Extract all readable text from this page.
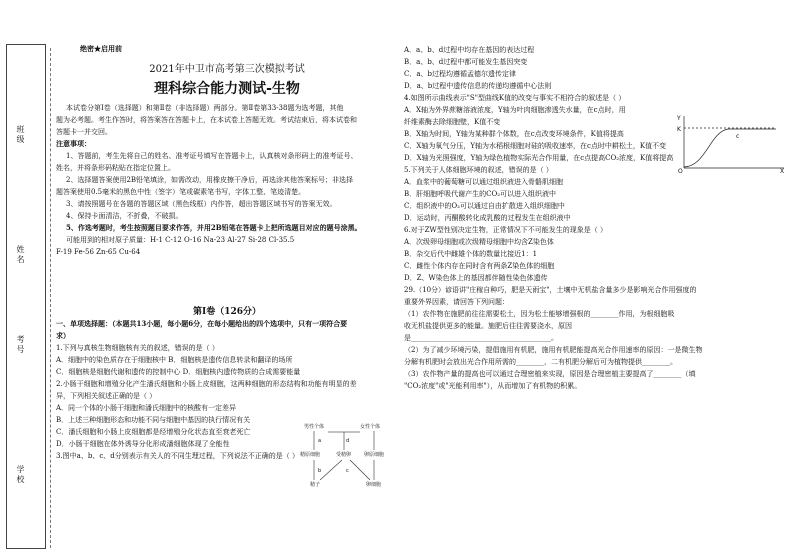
班级
姓名
考号
学校
绝密★启用前
2021年中卫市高考第三次模拟考试
理科综合能力测试-生物

本试卷分第Ⅰ卷（选择题）和第Ⅱ卷（非选择题）两部分。第Ⅱ卷第33-38题为选考题，其他

题为必考题。考生作答时，将答案答在答题卡上，在本试卷上答题无效。考试结束后，将本试卷和

答题卡一并交回。

注意事项：

1、答题前，考生先将自己的姓名、准考证号填写在答题卡上，认真核对条形码上的准考证号、

姓名，并将条形码粘贴在指定位置上。

2、选择题答案使用2B铅笔填涂，如需改动，用橡皮擦干净后，再选涂其他答案标号；非选择

题答案使用0.5毫米的黑色中性（签字）笔或碳素笔书写，字体工整、笔迹清楚。

3、请按照题号在各题的答题区域（黑色线框）内作答，超出答题区域书写的答案无效。

4、保持卡面清洁，不折叠，不破损。

5、作选考题时，考生按照题目要求作答，并用2B铅笔在答题卡上把所选题目对应的题号涂黑。

可能用到的相对原子质量：H-1 C-12 O-16 Na-23 Al-27 Si-28 Cl-35.5

F-19 Fe-56 Zn-65 Cu-64

第Ⅰ卷（126分）

一、单项选择题：（本题共13小题，每小题6分，在每小题给出的四个选项中，只有一项符合要

求）

1.下列与真核生物细胞核有关的叙述，错误的是（ ）

A．细胞中的染色质存在于细胞核中 B．细胞核是遗传信息转录和翻译的场所

C．细胞核是细胞代谢和遗传的控制中心 D．细胞核内遗传物质的合成需要能量

2.小肠干细胞和增殖分化产生潘氏细胞和小肠上皮细胞，这两种细胞的形态结构和功能有明显的差

异，下列相关叙述正确的是（ ）

A．同一个体的小肠干细胞和潘氏细胞中的核酸有一定差异

B．上述三种细胞形态和功能不同与细胞中基因的执行情况有关

C．潘氏细胞和小肠上皮细胞都是经增殖分化状态直至衰老死亡

D．小肠干细胞在体外诱导分化形成潘细胞体现了全能性

3.图中a、b、c、d分别表示有关人的不同生理过程，下列说法不正确的是（ ）

男性个体	女性个体
精原细胞	卵原细胞
受精卵
精子	卵细胞
a
b	c
d

A．a、b、d过程中均存在基因的表达过程

B．a、b、d过程中都可能发生基因突变

C．a、b过程均遵循孟德尔遗传定律

D．a、b过程中遗传信息的传递均遵循中心法则

4.如图所示曲线表示"S"型曲线K值的改变与事实不相符合的叙述是（ ）

A．X轴为外界蔗糖溶液浓度，Y轴为叶肉细胞渗透失水量，在c点时，用

纤维素酶去除细胞壁，K值不变

B．X轴为时间，Y轴为某种群个体数，在c点改变环境条件，K值将提高

C．X轴为氧气分压，Y轴为水稻根细胞对硅的吸收速率，在c点时中耕松土，K值不变

D．X轴为光照强度，Y轴为绿色植物实际光合作用量，在c点提高CO₂浓度，K值将提高

5.下列关于人体细胞环境的叙述，错误的是（ ）

A．血浆中的葡萄糖可以通过组织液进入骨骼肌细胞

B．肝细胞呼吸代谢产生的CO₂可以进入组织液中

C．组织液中的O₂可以通过自由扩散进入组织细胞中

D．运动时，丙酮酸转化成乳酸的过程发生在组织液中

6.对于ZW型性别决定生物，正常情况下不可能发生的现象是（ ）

A．次级卵母细胞或次级精母细胞中均含Z染色体

B．杂交后代中雌雄个体的数量比接近1：1

C．雌性个体内存在同时含有两条Z染色体的细胞

D．Z、W染色体上的基因都伴随性染色体遗传

29.（10分）谚语讲"庄稼自种巧，肥是天雨宝"，土壤中无机盐含量多少是影响光合作用强度的

重要外界因素，请回答下列问题：

（1）农作物在施肥前往往需要松土，因为松土能够增强根的________作用，为根细胞吸

收无机盐提供更多的能量。施肥后往往需要浇水，原因

是________________________________________。

（2）为了减少环境污染，提倡施用有机肥，施用有机肥能提高光合作用速率的原因：一是微生物

分解有机肥时会放出光合作用所需的________，二有机肥分解后可为植物提供________。

（3）农作物产量的提高也可以通过合理密植来实现，原因是合理密植主要提高了________（填

"CO₂浓度"或"光能利用率"），从而增加了有机物的积累。

Y
K
O	X
c
